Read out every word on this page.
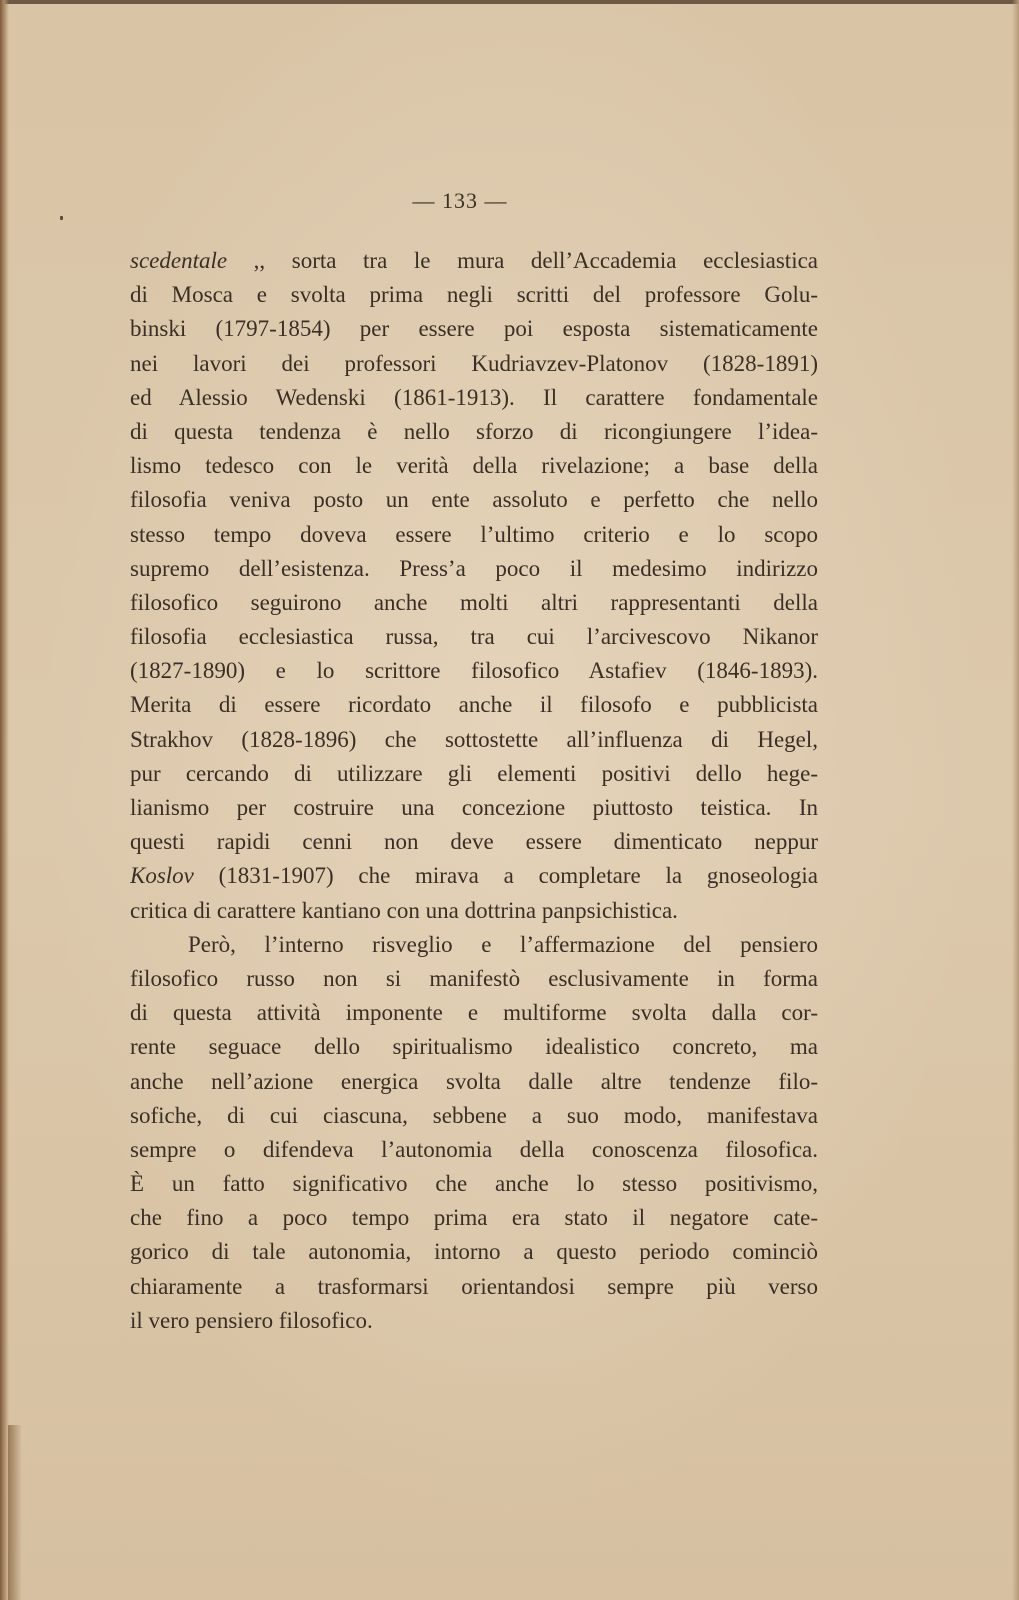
— 133 —
scedentale ,, sorta tra le mura dell’Accademia ecclesiastica
di Mosca e svolta prima negli scritti del professore Golu-
binski (1797-1854) per essere poi esposta sistematicamente
nei lavori dei professori Kudriavzev-Platonov (1828-1891)
ed Alessio Wedenski (1861-1913). Il carattere fondamentale
di questa tendenza è nello sforzo di ricongiungere l’idea-
lismo tedesco con le verità della rivelazione; a base della
filosofia veniva posto un ente assoluto e perfetto che nello
stesso tempo doveva essere l’ultimo criterio e lo scopo
supremo dell’esistenza. Press’a poco il medesimo indirizzo
filosofico seguirono anche molti altri rappresentanti della
filosofia ecclesiastica russa, tra cui l’arcivescovo Nikanor
(1827-1890) e lo scrittore filosofico Astafiev (1846-1893).
Merita di essere ricordato anche il filosofo e pubblicista
Strakhov (1828-1896) che sottostette all’influenza di Hegel,
pur cercando di utilizzare gli elementi positivi dello hege-
lianismo per costruire una concezione piuttosto teistica. In
questi rapidi cenni non deve essere dimenticato neppur
Koslov (1831-1907) che mirava a completare la gnoseologia
critica di carattere kantiano con una dottrina panpsichistica.
Però, l’interno risveglio e l’affermazione del pensiero
filosofico russo non si manifestò esclusivamente in forma
di questa attività imponente e multiforme svolta dalla cor-
rente seguace dello spiritualismo idealistico concreto, ma
anche nell’azione energica svolta dalle altre tendenze filo-
sofiche, di cui ciascuna, sebbene a suo modo, manifestava
sempre o difendeva l’autonomia della conoscenza filosofica.
È un fatto significativo che anche lo stesso positivismo,
che fino a poco tempo prima era stato il negatore cate-
gorico di tale autonomia, intorno a questo periodo cominciò
chiaramente a trasformarsi orientandosi sempre più verso
il vero pensiero filosofico.
